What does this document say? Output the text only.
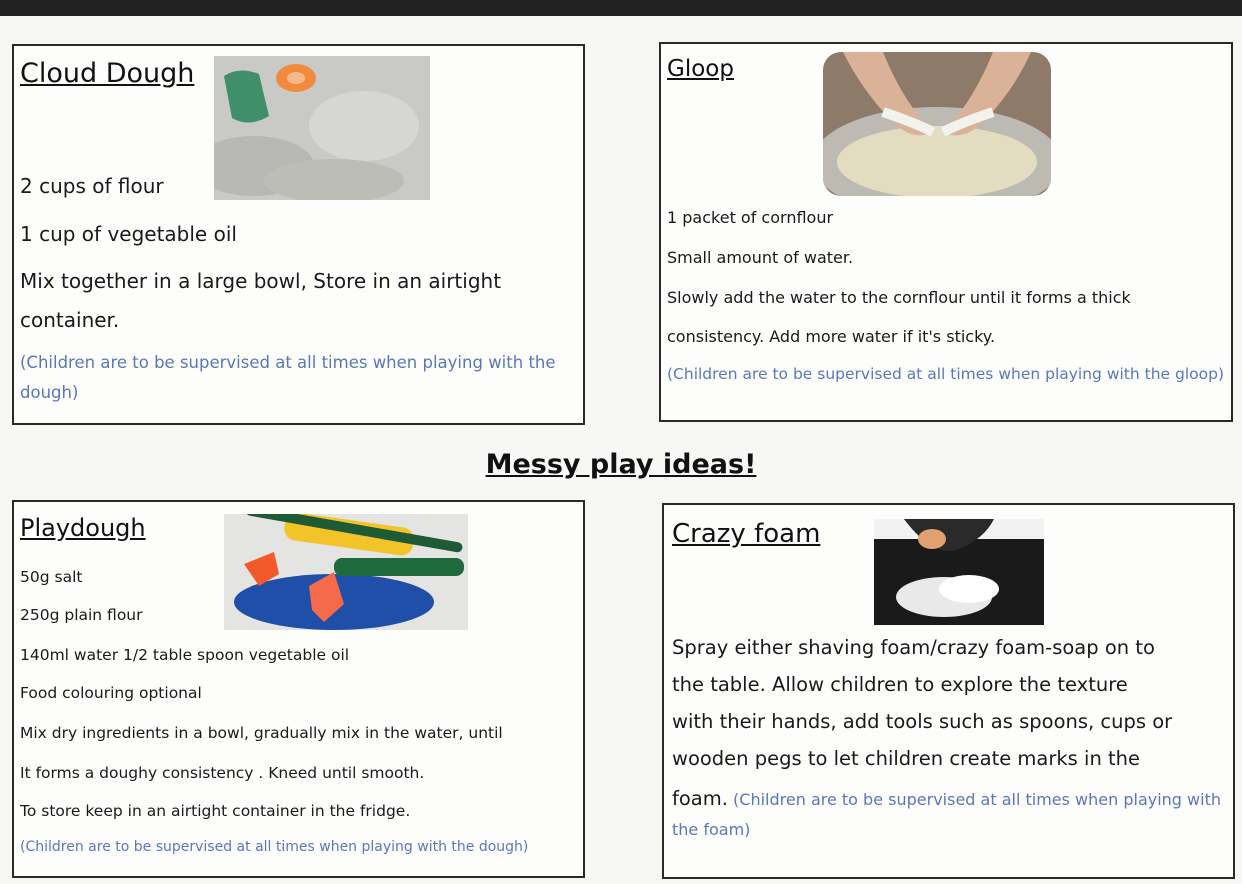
Cloud Dough
2 cups of flour
1 cup of vegetable oil
Mix together in a large bowl, Store in an airtight
container.
(Children are to be supervised at all times when playing with the dough)
Gloop
1 packet of cornflour
Small amount of water.
Slowly add the water to the cornflour until it forms a thick
consistency. Add more water if it's sticky.
(Children are to be supervised at all times when playing with the gloop)
Messy play ideas!
Playdough
50g salt
250g plain flour
140ml water 1/2 table spoon vegetable oil
Food colouring optional
Mix dry ingredients in a bowl, gradually mix in the water, until
It forms a doughy consistency . Kneed until smooth.
To store keep in an airtight container in the fridge.
(Children are to be supervised at all times when playing with the dough)
Crazy foam
Spray either shaving foam/crazy foam-soap on to
the table. Allow children to explore the texture
with their hands, add tools such as spoons, cups or
wooden pegs to let children create marks in the
foam. (Children are to be supervised at all times when playing with the foam)
